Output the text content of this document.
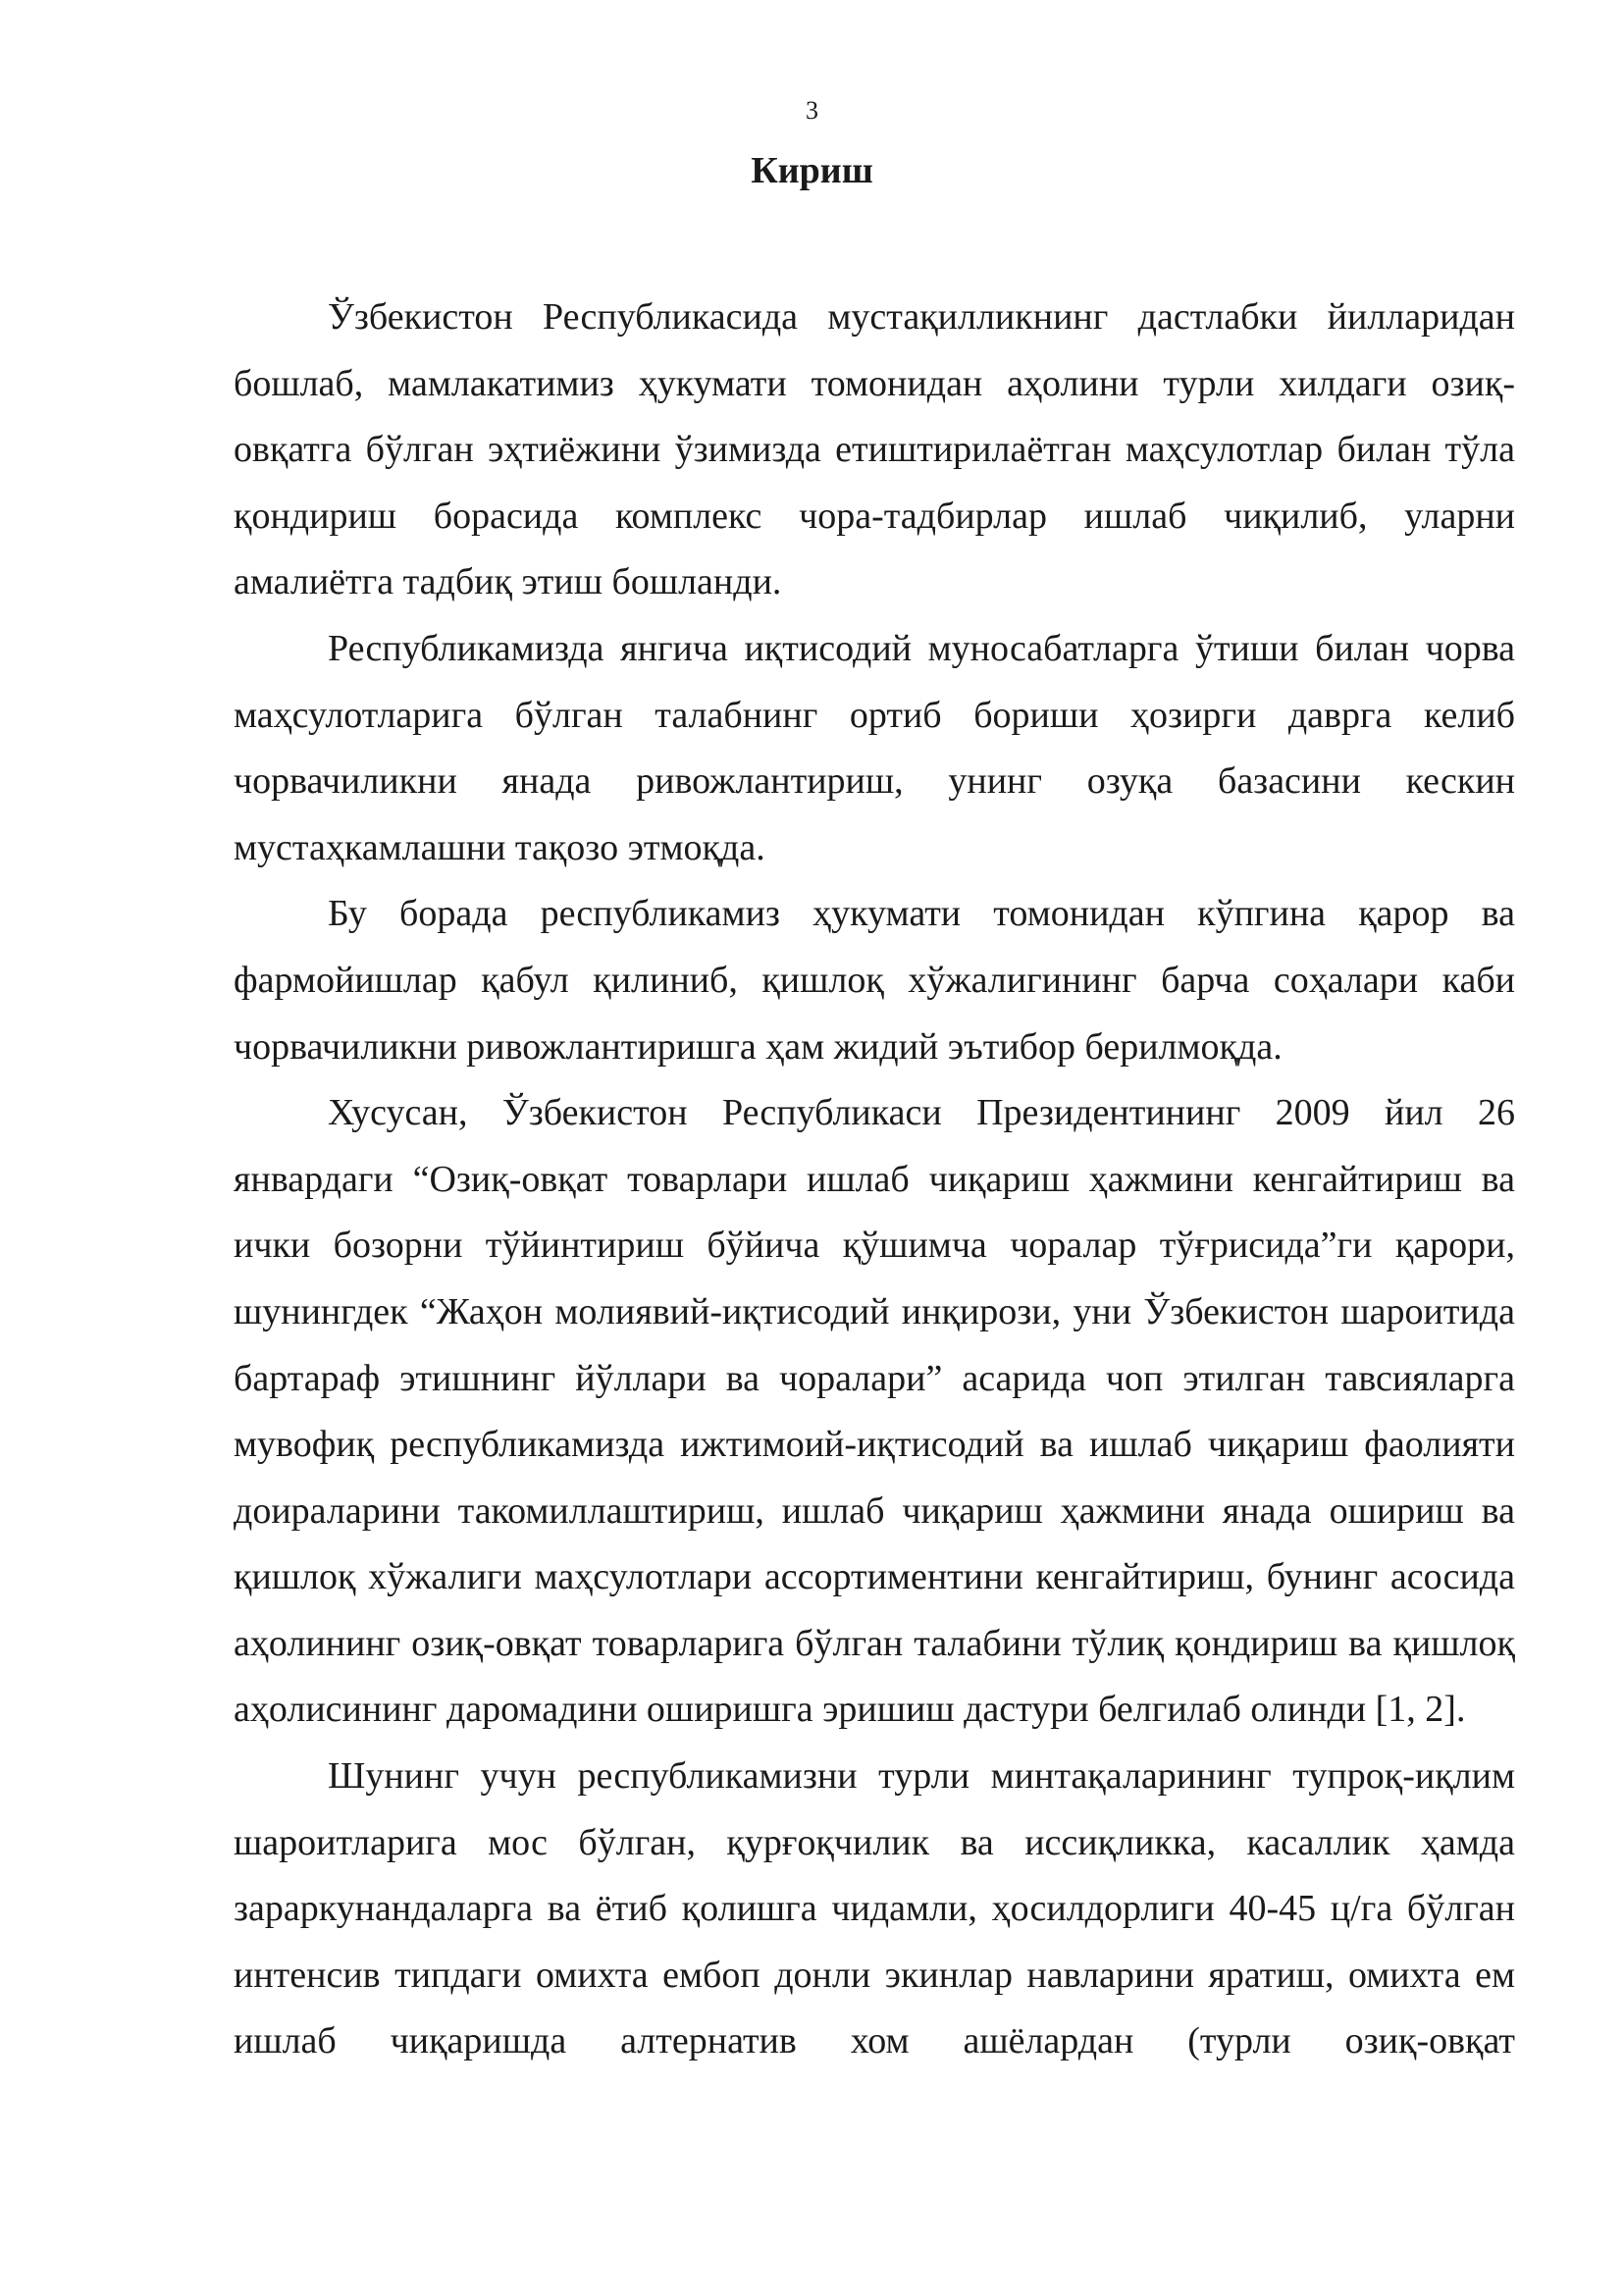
3
Кириш

Ўзбекистон Республикасида мустақилликнинг дастлабки йилларидан бошлаб, мамлакатимиз ҳукумати томонидан аҳолини турли хилдаги озиқ-овқатга бўлган эҳтиёжини ўзимизда етиштирилаётган маҳсулотлар билан тўла қондириш борасида комплекс чора-тадбирлар ишлаб чиқилиб, уларни амалиётга тадбиқ этиш бошланди.

Республикамизда янгича иқтисодий муносабатларга ўтиши билан чорва маҳсулотларига бўлган талабнинг ортиб бориши ҳозирги даврга келиб чорвачиликни янада ривожлантириш, унинг озуқа базасини кескин мустаҳкамлашни тақозо этмоқда.

Бу борада республикамиз ҳукумати томонидан кўпгина қарор ва фармойишлар қабул қилиниб, қишлоқ хўжалигининг барча соҳалари каби чорвачиликни ривожлантиришга ҳам жидий эътибор берилмоқда.

Хусусан, Ўзбекистон Республикаси Президентининг 2009 йил 26 январдаги “Озиқ-овқат товарлари ишлаб чиқариш ҳажмини кенгайтириш ва ички бозорни тўйинтириш бўйича қўшимча чоралар тўғрисида”ги қарори, шунингдек “Жаҳон молиявий-иқтисодий инқирози, уни Ўзбекистон шароитида бартараф этишнинг йўллари ва чоралари” асарида чоп этилган тавсияларга мувофиқ республикамизда ижтимоий-иқтисодий ва ишлаб чиқариш фаолияти доираларини такомиллаштириш, ишлаб чиқариш ҳажмини янада ошириш ва қишлоқ хўжалиги маҳсулотлари ассортиментини кенгайтириш, бунинг асосида аҳолининг озиқ-овқат товарларига бўлган талабини тўлиқ қондириш ва қишлоқ аҳолисининг даромадини оширишга эришиш дастури белгилаб олинди [1, 2].

Шунинг учун республикамизни турли минтақаларининг тупроқ-иқлим шароитларига мос бўлган, қурғоқчилик ва иссиқликка, касаллик ҳамда зараркунандаларга ва ётиб қолишга чидамли, ҳосилдорлиги 40-45 ц/га бўлган интенсив типдаги омихта ембоп донли экинлар навларини яратиш, омихта ем ишлаб чиқаришда алтернатив хом ашёлардан (турли озиқ-овқат
